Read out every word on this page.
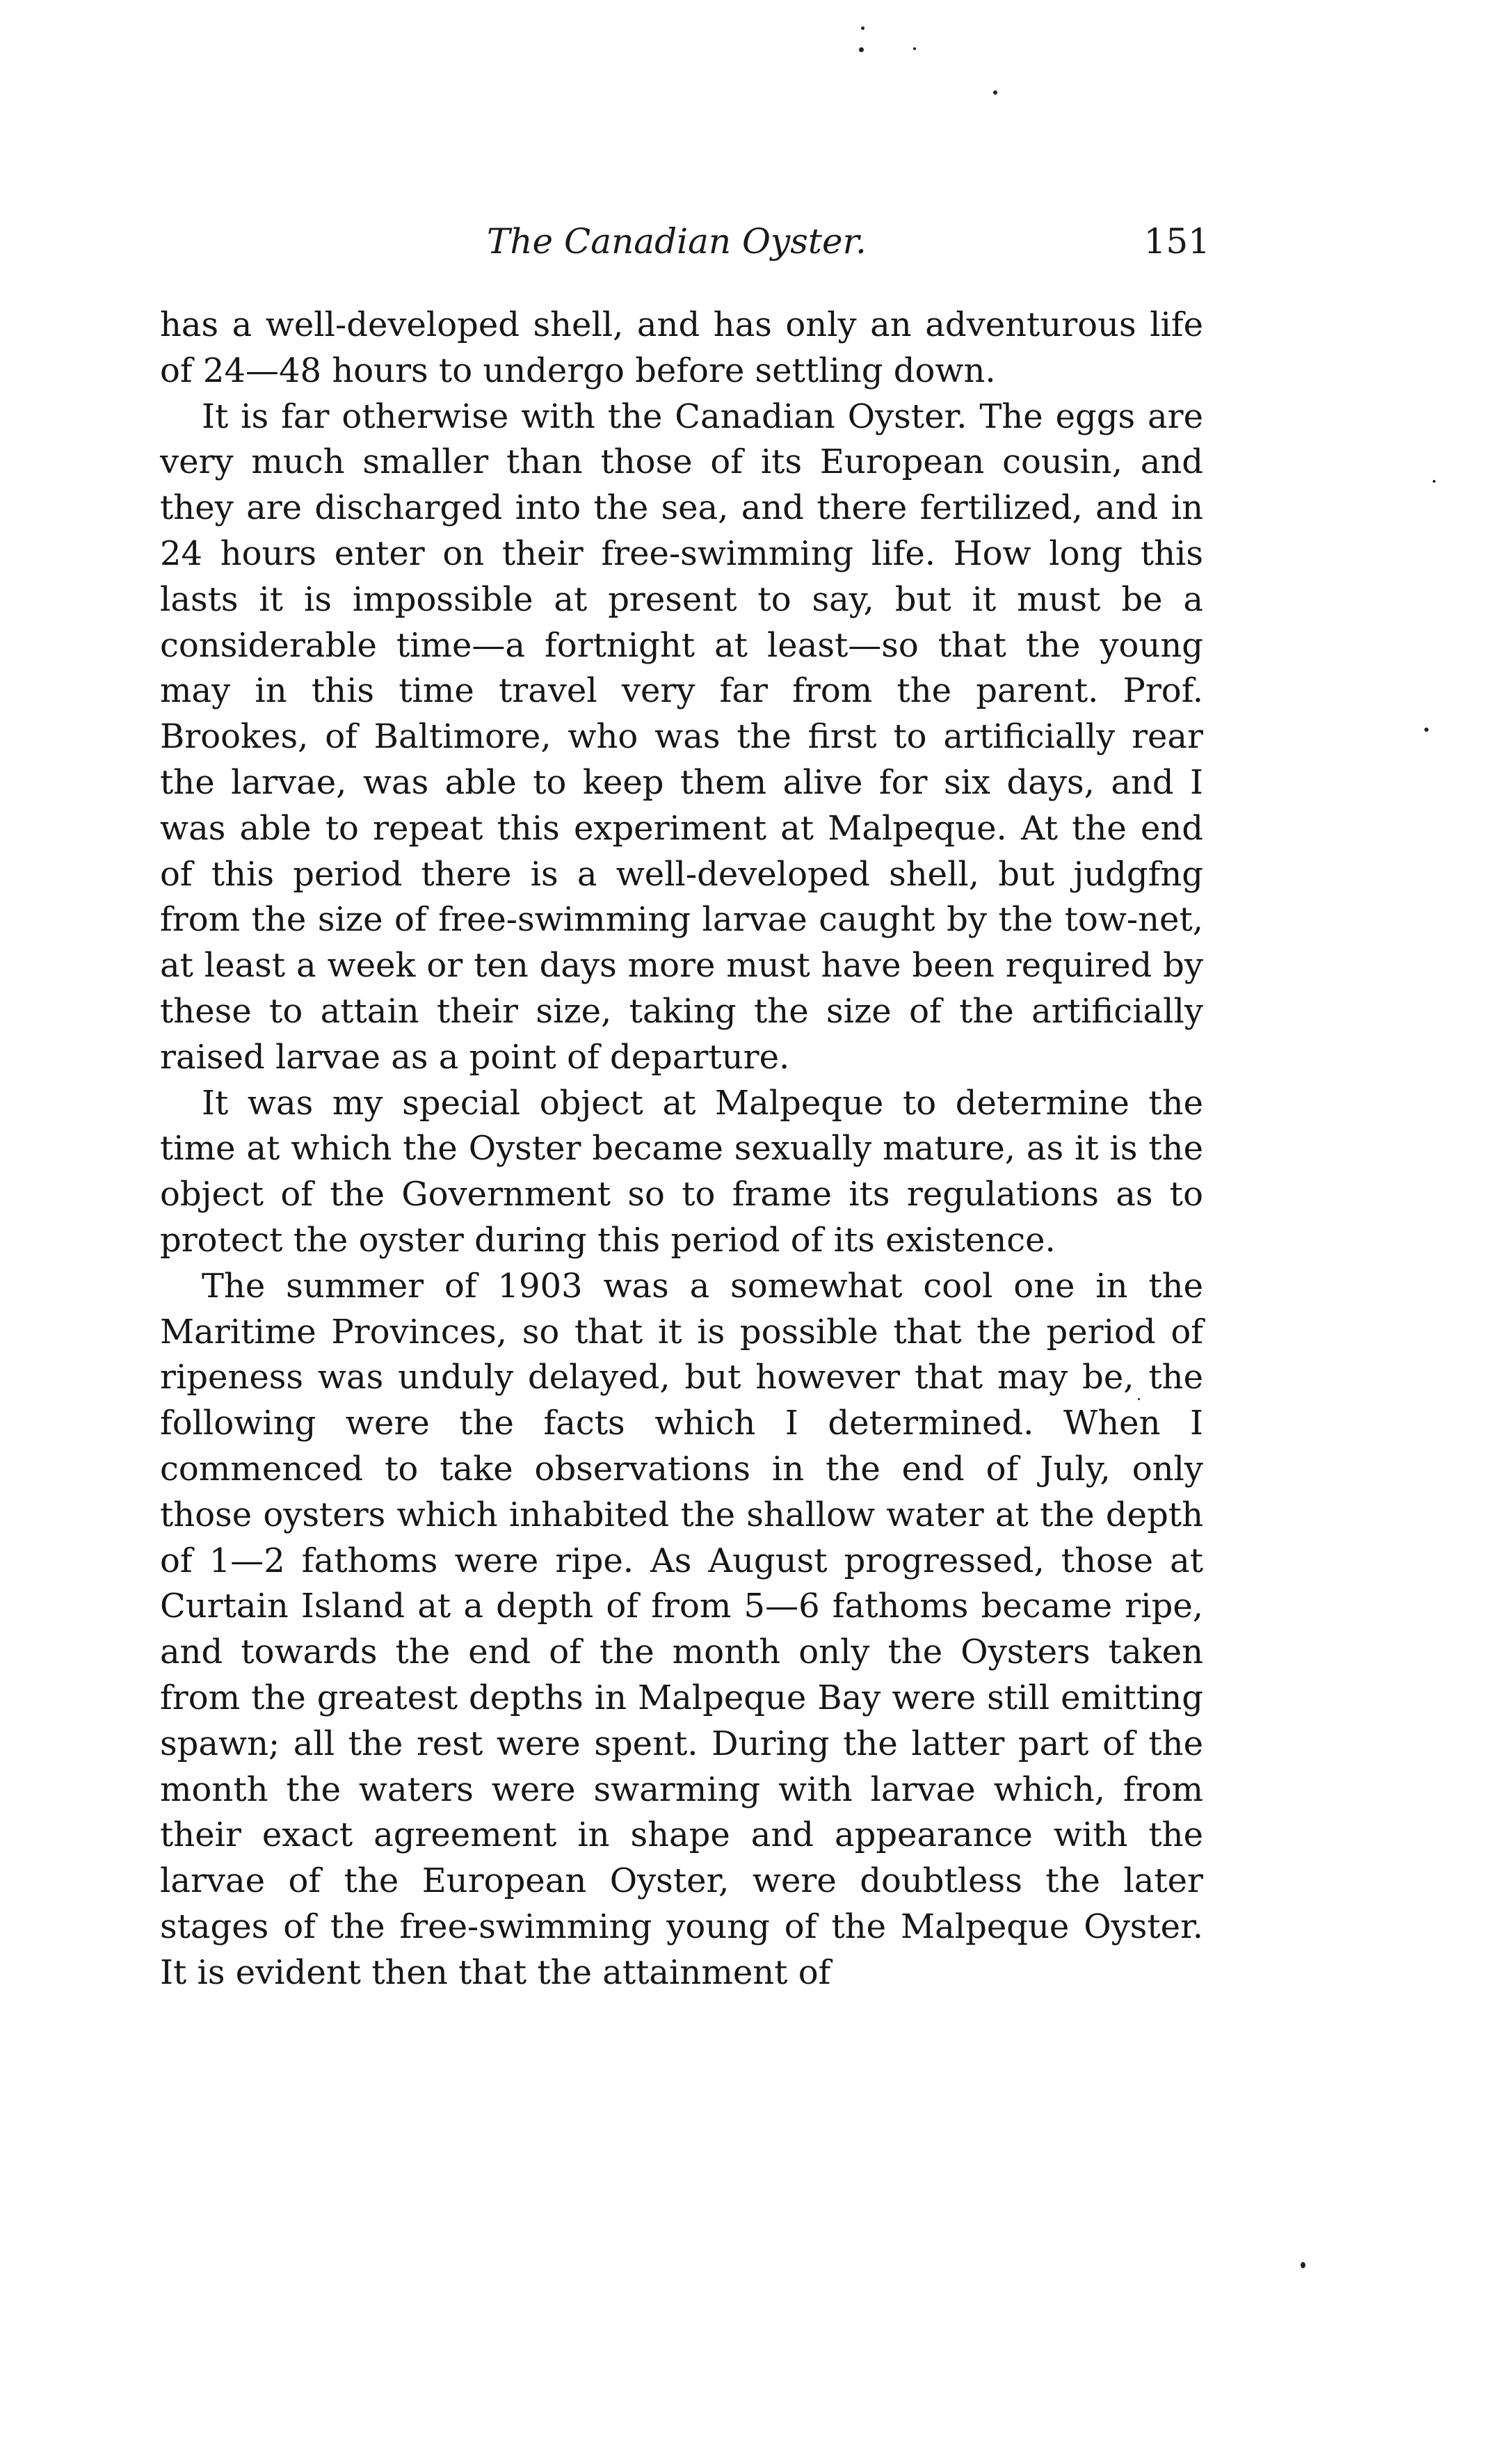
The Canadian Oyster.	151

has a well-developed shell, and has only an adventurous life of 24—48 hours to undergo before settling down.

It is far otherwise with the Canadian Oyster. The eggs are very much smaller than those of its European cousin, and they are discharged into the sea, and there fertilized, and in 24 hours enter on their free-swimming life. How long this lasts it is impossible at present to say, but it must be a considerable time—a fortnight at least—so that the young may in this time travel very far from the parent. Prof. Brookes, of Baltimore, who was the first to artificially rear the larvae, was able to keep them alive for six days, and I was able to repeat this experiment at Malpeque. At the end of this period there is a well-developed shell, but judgfng from the size of free-swimming larvae caught by the tow-net, at least a week or ten days more must have been required by these to attain their size, taking the size of the artificially raised larvae as a point of departure.

It was my special object at Malpeque to determine the time at which the Oyster became sexually mature, as it is the object of the Government so to frame its regulations as to protect the oyster during this period of its existence.

The summer of 1903 was a somewhat cool one in the Maritime Provinces, so that it is possible that the period of ripeness was unduly delayed, but however that may be, the following were the facts which I determined. When I commenced to take observations in the end of July, only those oysters which inhabited the shallow water at the depth of 1—2 fathoms were ripe. As August progressed, those at Curtain Island at a depth of from 5—6 fathoms became ripe, and towards the end of the month only the Oysters taken from the greatest depths in Malpeque Bay were still emitting spawn; all the rest were spent. During the latter part of the month the waters were swarming with larvae which, from their exact agreement in shape and appearance with the larvae of the European Oyster, were doubtless the later stages of the free-swimming young of the Malpeque Oyster. It is evident then that the attainment of
